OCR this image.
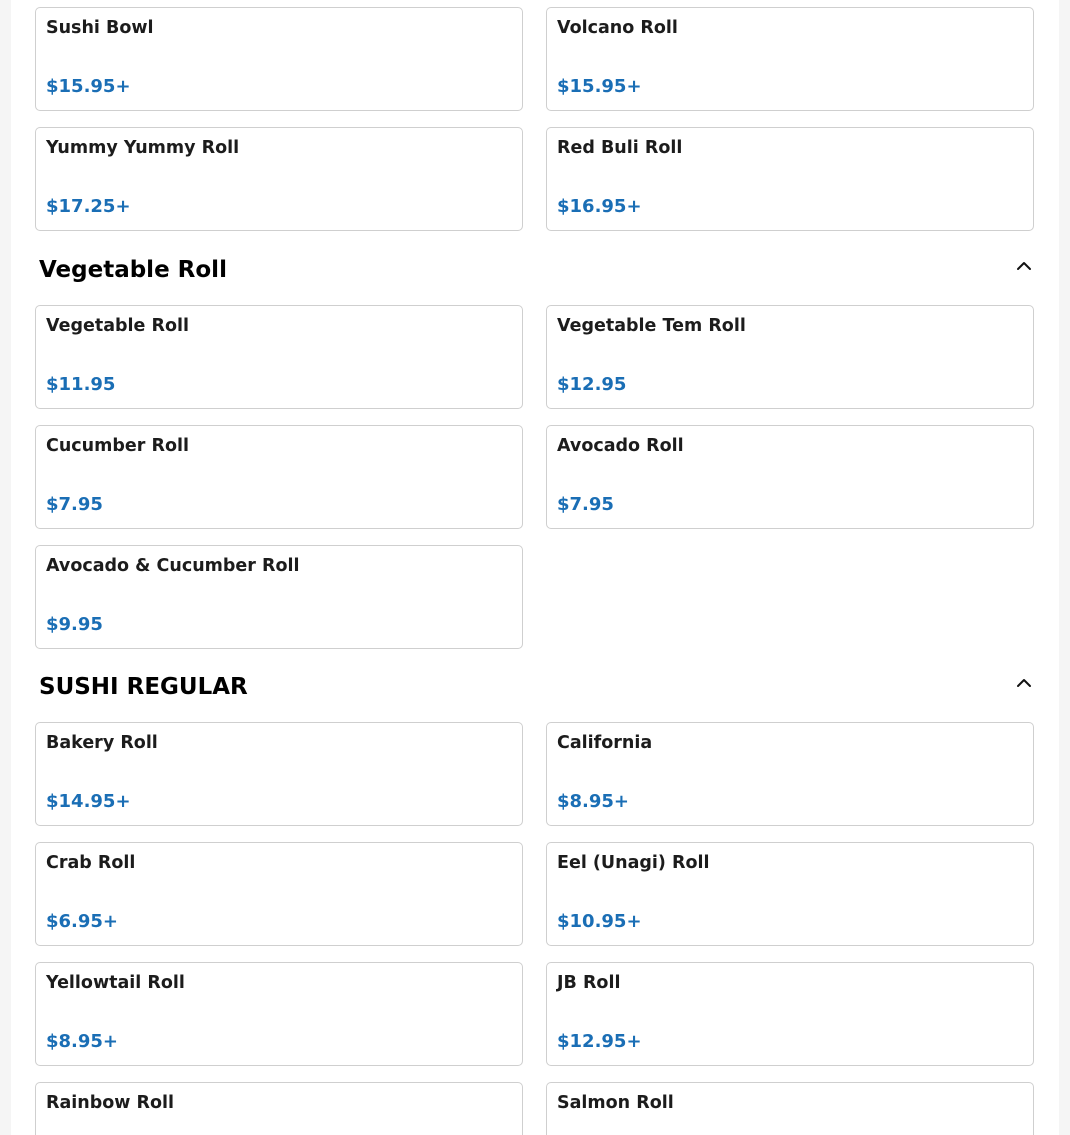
Sushi Bowl
$15.95+
Volcano Roll
$15.95+
Yummy Yummy Roll
$17.25+
Red Buli Roll
$16.95+
Vegetable Roll
Vegetable Roll
$11.95
Vegetable Tem Roll
$12.95
Cucumber Roll
$7.95
Avocado Roll
$7.95
Avocado & Cucumber Roll
$9.95
SUSHI REGULAR
Bakery Roll
$14.95+
California
$8.95+
Crab Roll
$6.95+
Eel (Unagi) Roll
$10.95+
Yellowtail Roll
$8.95+
JB Roll
$12.95+
Rainbow Roll	Salmon Roll
